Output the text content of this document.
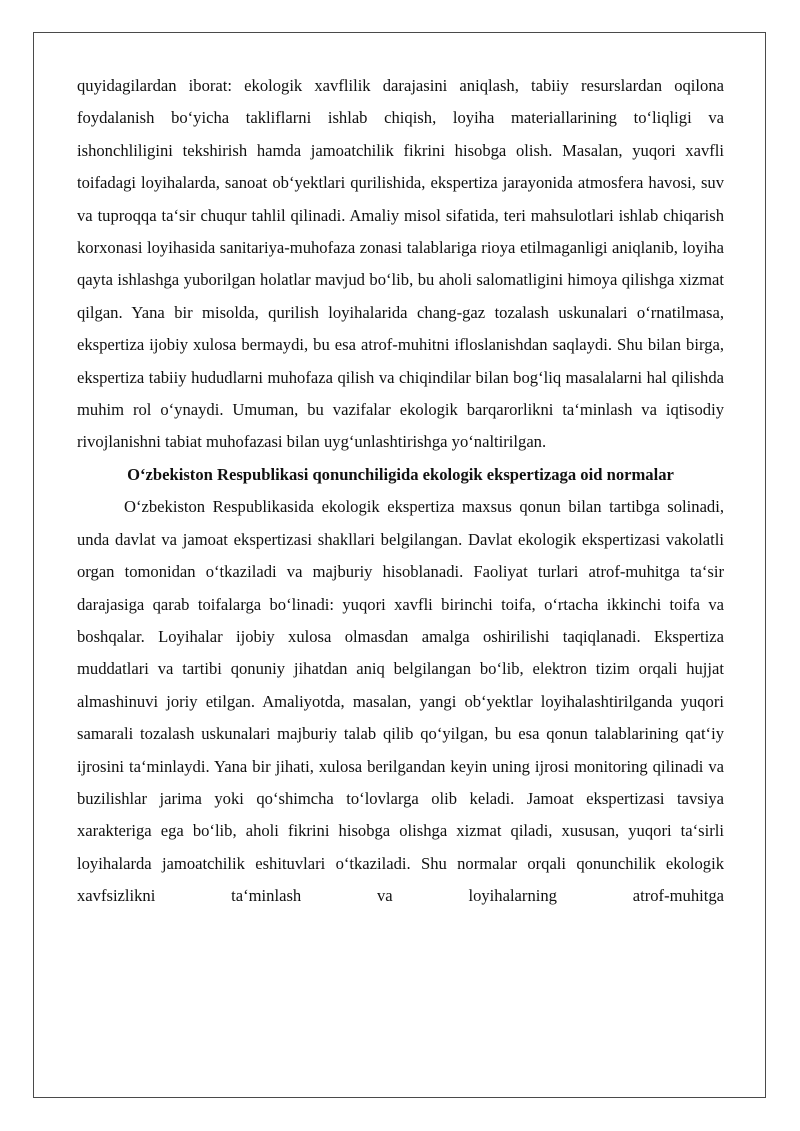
quyidagilardan iborat: ekologik xavflilik darajasini aniqlash, tabiiy resurslardan oqilona foydalanish bo‘yicha takliflarni ishlab chiqish, loyiha materiallarining to‘liqligi va ishonchliligini tekshirish hamda jamoatchilik fikrini hisobga olish. Masalan, yuqori xavfli toifadagi loyihalarda, sanoat ob‘yektlari qurilishida, ekspertiza jarayonida atmosfera havosi, suv va tuproqqa ta‘sir chuqur tahlil qilinadi. Amaliy misol sifatida, teri mahsulotlari ishlab chiqarish korxonasi loyihasida sanitariya-muhofaza zonasi talablariga rioya etilmaganligi aniqlanib, loyiha qayta ishlashga yuborilgan holatlar mavjud bo‘lib, bu aholi salomatligini himoya qilishga xizmat qilgan. Yana bir misolda, qurilish loyihalarida chang-gaz tozalash uskunalari o‘rnatilmasa, ekspertiza ijobiy xulosa bermaydi, bu esa atrof-muhitni ifloslanishdan saqlaydi. Shu bilan birga, ekspertiza tabiiy hududlarni muhofaza qilish va chiqindilar bilan bog‘liq masalalarni hal qilishda muhim rol o‘ynaydi. Umuman, bu vazifalar ekologik barqarorlikni ta‘minlash va iqtisodiy rivojlanishni tabiat muhofazasi bilan uyg‘unlashtirishga yo‘naltirilgan.

O‘zbekiston Respublikasi qonunchiligida ekologik ekspertizaga oid normalar

O‘zbekiston Respublikasida ekologik ekspertiza maxsus qonun bilan tartibga solinadi, unda davlat va jamoat ekspertizasi shakllari belgilangan. Davlat ekologik ekspertizasi vakolatli organ tomonidan o‘tkaziladi va majburiy hisoblanadi. Faoliyat turlari atrof-muhitga ta‘sir darajasiga qarab toifalarga bo‘linadi: yuqori xavfli birinchi toifa, o‘rtacha ikkinchi toifa va boshqalar. Loyihalar ijobiy xulosa olmasdan amalga oshirilishi taqiqlanadi. Ekspertiza muddatlari va tartibi qonuniy jihatdan aniq belgilangan bo‘lib, elektron tizim orqali hujjat almashinuvi joriy etilgan. Amaliyotda, masalan, yangi ob‘yektlar loyihalashtirilganda yuqori samarali tozalash uskunalari majburiy talab qilib qo‘yilgan, bu esa qonun talablarining qat‘iy ijrosini ta‘minlaydi. Yana bir jihati, xulosa berilgandan keyin uning ijrosi monitoring qilinadi va buzilishlar jarima yoki qo‘shimcha to‘lovlarga olib keladi. Jamoat ekspertizasi tavsiya xarakteriga ega bo‘lib, aholi fikrini hisobga olishga xizmat qiladi, xususan, yuqori ta‘sirli loyihalarda jamoatchilik eshituvlari o‘tkaziladi. Shu normalar orqali qonunchilik ekologik xavfsizlikni ta‘minlash va loyihalarning atrof-muhitga
